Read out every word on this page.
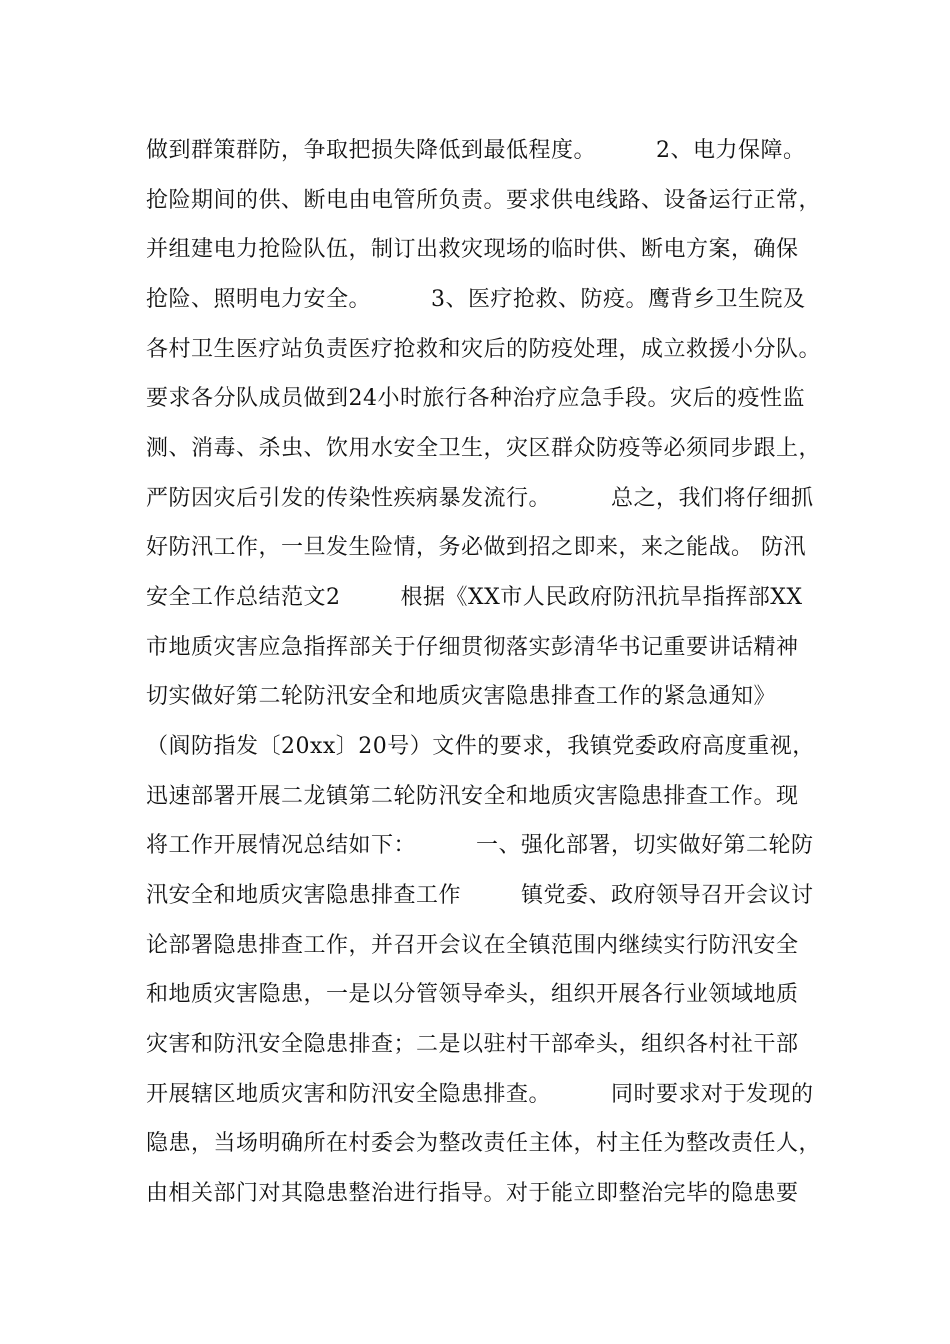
做到群策群防，争取把损失降低到最低程度。        2、电力保障。
抢险期间的供、断电由电管所负责。要求供电线路、设备运行正常，
并组建电力抢险队伍，制订出救灾现场的临时供、断电方案，确保
抢险、照明电力安全。        3、医疗抢救、防疫。鹰背乡卫生院及
各村卫生医疗站负责医疗抢救和灾后的防疫处理，成立救援小分队。
要求各分队成员做到24小时旅行各种治疗应急手段。灾后的疫性监
测、消毒、杀虫、饮用水安全卫生，灾区群众防疫等必须同步跟上，
严防因灾后引发的传染性疾病暴发流行。        总之，我们将仔细抓
好防汛工作，一旦发生险情，务必做到招之即来，来之能战。 防汛
安全工作总结范文2        根据《XX市人民政府防汛抗旱指挥部XX
市地质灾害应急指挥部关于仔细贯彻落实彭清华书记重要讲话精神
切实做好第二轮防汛安全和地质灾害隐患排查工作的紧急通知》
（阆防指发〔20xx〕20号）文件的要求，我镇党委政府高度重视，
迅速部署开展二龙镇第二轮防汛安全和地质灾害隐患排查工作。现
将工作开展情况总结如下：        一、强化部署，切实做好第二轮防
汛安全和地质灾害隐患排查工作        镇党委、政府领导召开会议讨
论部署隐患排查工作，并召开会议在全镇范围内继续实行防汛安全
和地质灾害隐患，一是以分管领导牵头，组织开展各行业领域地质
灾害和防汛安全隐患排查；二是以驻村干部牵头，组织各村社干部
开展辖区地质灾害和防汛安全隐患排查。        同时要求对于发现的
隐患，当场明确所在村委会为整改责任主体，村主任为整改责任人，
由相关部门对其隐患整治进行指导。对于能立即整治完毕的隐患要
